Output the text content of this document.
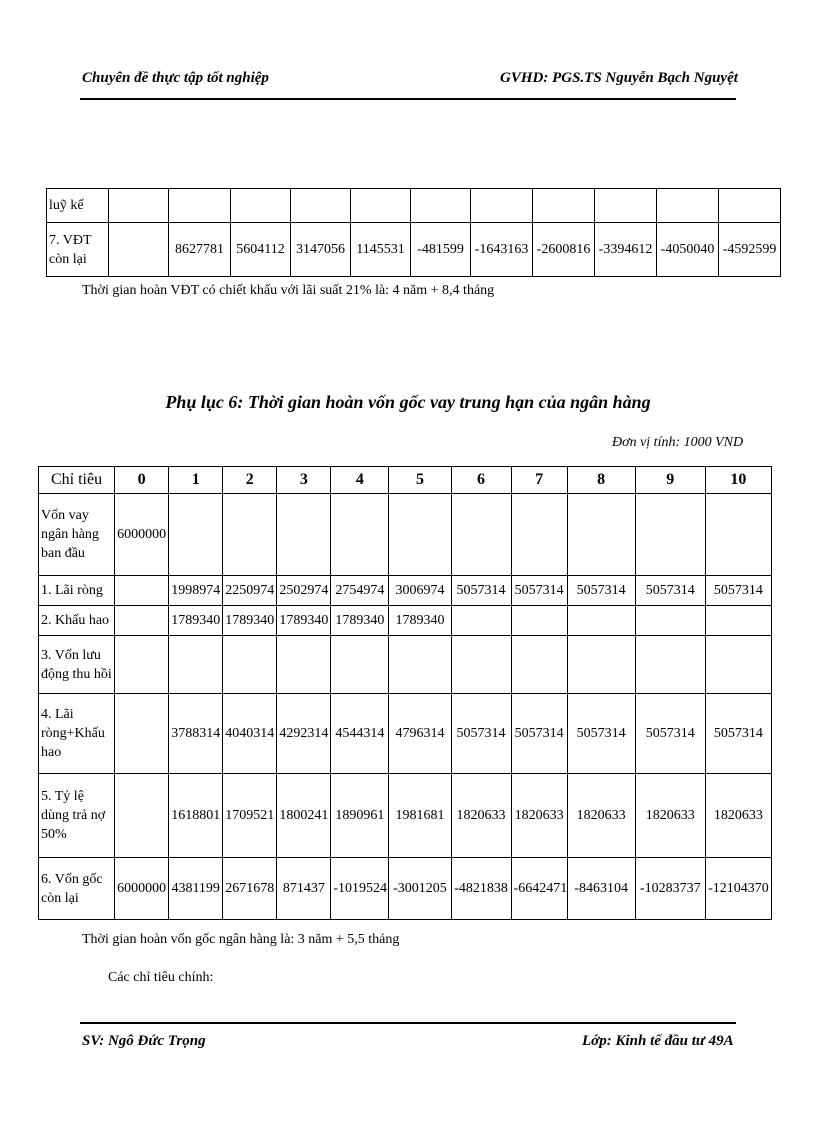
Chuyên đề thực tập tốt nghiệp	GVHD: PGS.TS Nguyễn Bạch Nguyệt
luỹ kế											
7. VĐT còn lại		8627781	5604112	3147056	1145531	-481599	-1643163	-2600816	-3394612	-4050040	-4592599
Thời gian hoàn VĐT có chiết khấu với lãi suất 21% là: 4 năm + 8,4 tháng
Phụ lục 6: Thời gian hoàn vốn gốc vay trung hạn của ngân hàng
Đơn vị tính: 1000 VND
Chỉ tiêu	0	1	2	3	4	5	6	7	8	9	10
Vốn vay ngân hàng ban đầu	6000000										
1. Lãi ròng		1998974	2250974	2502974	2754974	3006974	5057314	5057314	5057314	5057314	5057314
2. Khấu hao		1789340	1789340	1789340	1789340	1789340					
3. Vốn lưu động thu hồi											
4. Lãi ròng+Khấu hao		3788314	4040314	4292314	4544314	4796314	5057314	5057314	5057314	5057314	5057314
5. Tỷ lệ dùng trả nợ 50%		1618801	1709521	1800241	1890961	1981681	1820633	1820633	1820633	1820633	1820633
6. Vốn gốc còn lại	6000000	4381199	2671678	871437	-1019524	-3001205	-4821838	-6642471	-8463104	-10283737	-12104370
Thời gian hoàn vốn gốc ngân hàng là: 3 năm + 5,5 tháng
Các chỉ tiêu chính:
SV: Ngô Đức Trọng	Lớp: Kinh tế đầu tư 49A
